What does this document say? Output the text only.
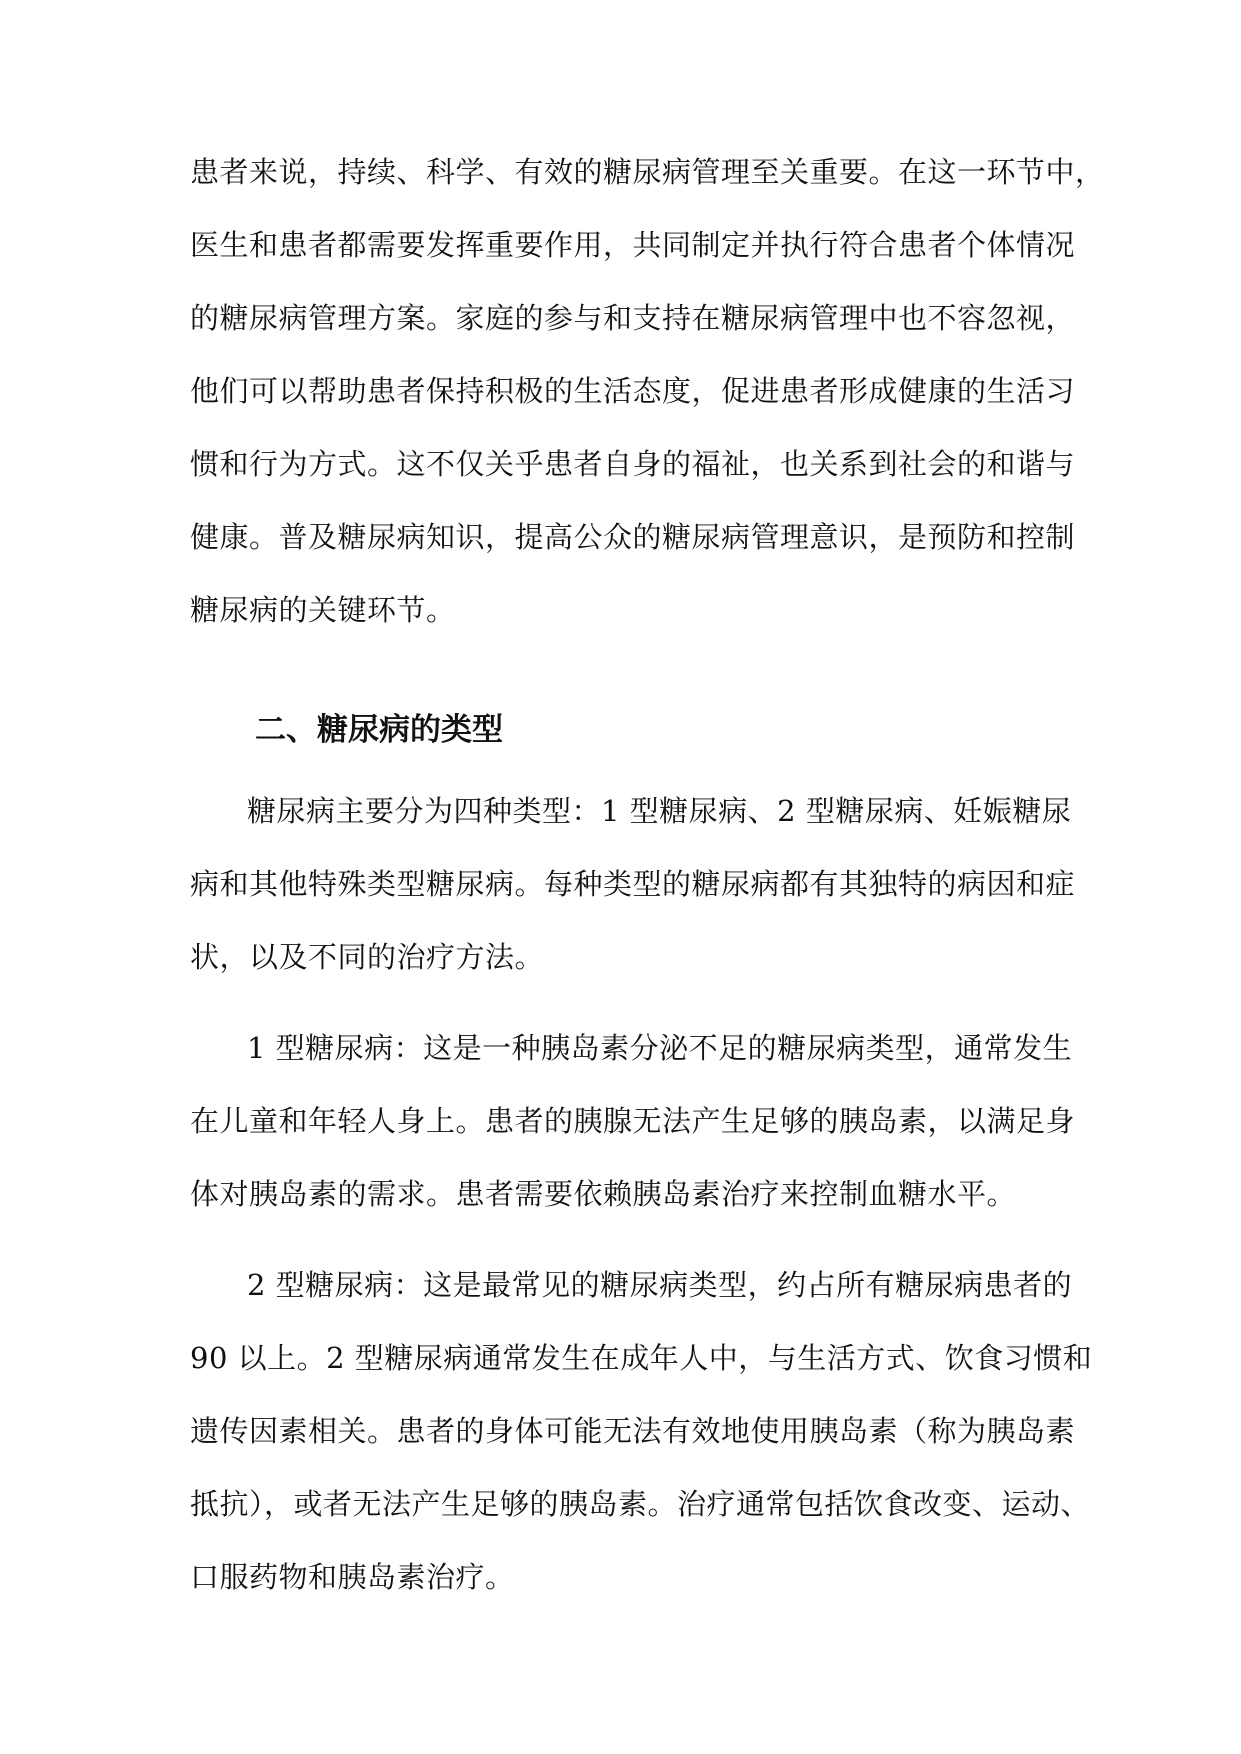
患者来说，持续、科学、有效的糖尿病管理至关重要。在这一环节中，
医生和患者都需要发挥重要作用，共同制定并执行符合患者个体情况
的糖尿病管理方案。家庭的参与和支持在糖尿病管理中也不容忽视，
他们可以帮助患者保持积极的生活态度，促进患者形成健康的生活习
惯和行为方式。这不仅关乎患者自身的福祉，也关系到社会的和谐与
健康。普及糖尿病知识，提高公众的糖尿病管理意识，是预防和控制
糖尿病的关键环节。
二、糖尿病的类型
糖尿病主要分为四种类型：1 型糖尿病、2 型糖尿病、妊娠糖尿
病和其他特殊类型糖尿病。每种类型的糖尿病都有其独特的病因和症
状，以及不同的治疗方法。
1 型糖尿病：这是一种胰岛素分泌不足的糖尿病类型，通常发生
在儿童和年轻人身上。患者的胰腺无法产生足够的胰岛素，以满足身
体对胰岛素的需求。患者需要依赖胰岛素治疗来控制血糖水平。
2 型糖尿病：这是最常见的糖尿病类型，约占所有糖尿病患者的
90 以上。2 型糖尿病通常发生在成年人中，与生活方式、饮食习惯和
遗传因素相关。患者的身体可能无法有效地使用胰岛素（称为胰岛素
抵抗），或者无法产生足够的胰岛素。治疗通常包括饮食改变、运动、
口服药物和胰岛素治疗。
